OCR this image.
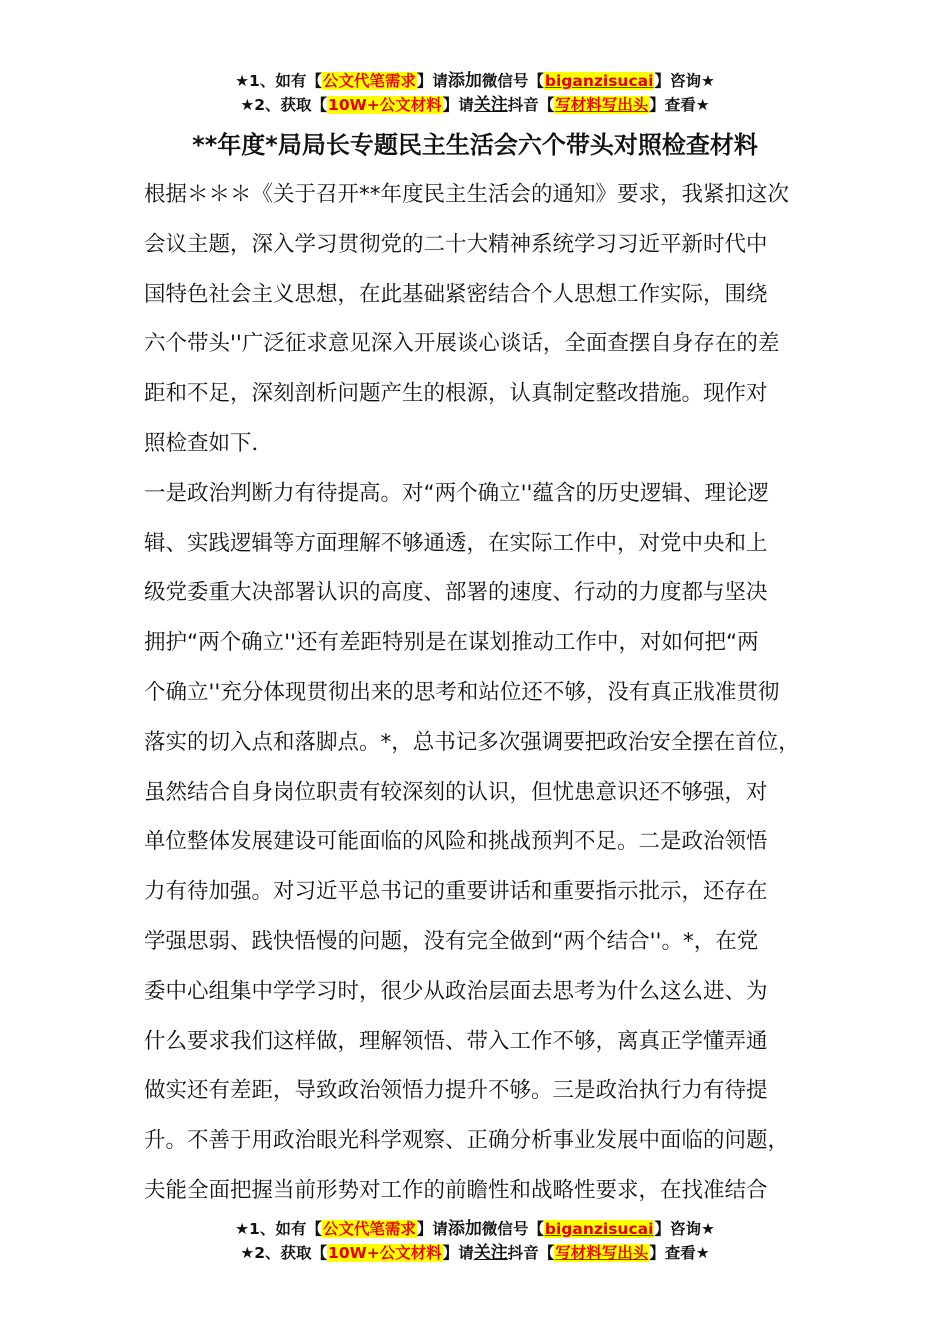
★1、如有【公文代笔需求】请添加微信号【biganzisucai】咨询★
★2、获取【10W+公文材料】请关注抖音【写材料写出头】查看★
**年度*局局长专题民主生活会六个带头对照检查材料
根据＊＊＊《关于召开**年度民主生活会的通知》要求，我紧扣这次
会议主题，深入学习贯彻党的二十大精神系统学习习近平新时代中
国特色社会主义思想，在此基础紧密结合个人思想工作实际，围绕
六个带头''广泛征求意见深入开展谈心谈话，全面查摆自身存在的差
距和不足，深刻剖析问题产生的根源，认真制定整改措施。现作对
照检查如下．
一是政治判断力有待提高。对“两个确立''蕴含的历史逻辑、理论逻
辑、实践逻辑等方面理解不够通透，在实际工作中，对党中央和上
级党委重大决部署认识的高度、部署的速度、行动的力度都与坚决
拥护“两个确立''还有差距特别是在谋划推动工作中，对如何把“两
个确立''充分体现贯彻出来的思考和站位还不够，没有真正戕准贯彻
落实的切入点和落脚点。*，总书记多次强调要把政治安全摆在首位，
虽然结合自身岗位职责有较深刻的认识，但忧患意识还不够强，对
单位整体发展建设可能面临的风险和挑战预判不足。二是政治领悟
力有待加强。对习近平总书记的重要讲话和重要指示批示，还存在
学强思弱、践快悟慢的问题，没有完全做到“两个结合''。*，在党
委中心组集中学学习时，很少从政治层面去思考为什么这么进、为
什么要求我们这样做，理解领悟、带入工作不够，离真正学懂弄通
做实还有差距，导致政治领悟力提升不够。三是政治执行力有待提
升。不善于用政治眼光科学观察、正确分析事业发展中面临的问题，
夫能全面把握当前形势对工作的前瞻性和战略性要求，在找准结合
★1、如有【公文代笔需求】请添加微信号【biganzisucai】咨询★
★2、获取【10W+公文材料】请关注抖音【写材料写出头】查看★
